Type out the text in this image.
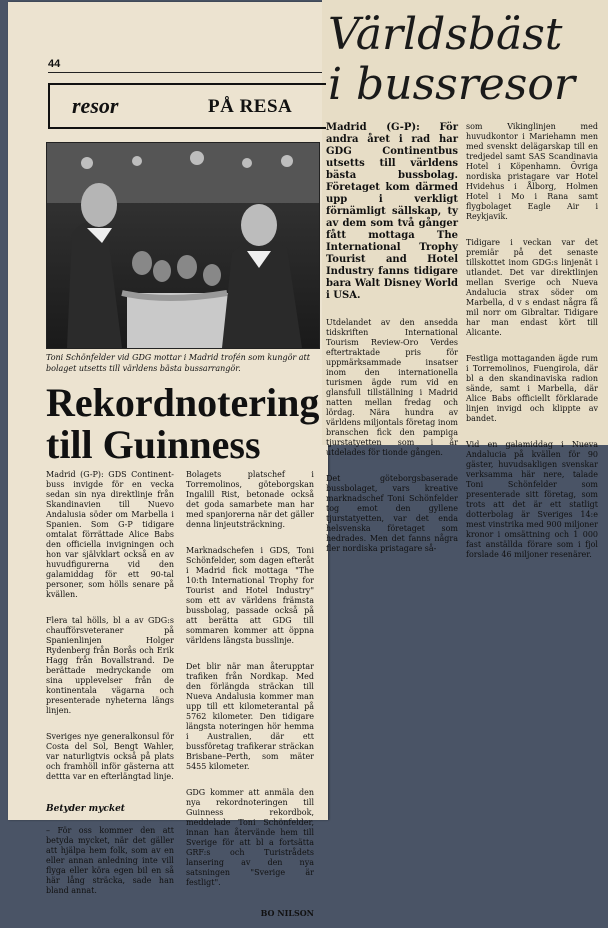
44
resor	PÅ RESA
Världsbäst
i bussresor
Toni Schönfelder vid GDG mottar i Madrid trofén som kungör att bolaget utsetts till världens bästa bussarrangör.
Rekordnotering till Guinness

Madrid (G-P): GDS Continent-buss invigde för en vecka sedan sin nya direktlinje från Skandinavien till Nuevo Andalusia söder om Marbella i Spanien. Som G-P tidigare omtalat förrättade Alice Babs den officiella invigningen och hon var självklart också en av huvudfigurerna vid den galamiddag för ett 90-tal personer, som hölls senare på kvällen.

Flera tal hölls, bl a av GDG:s chaufförsveteraner på Spanienlinjen Holger Rydenberg från Borås och Erik Hagg från Bovallstrand. De berättade medryckande om sina upplevelser från de kontinentala vägarna och presenterade nyheterna längs linjen.

Sveriges nye generalkonsul för Costa del Sol, Bengt Wahler, var naturligtvis också på plats och framhöll inför gästerna att dettta var en efterlängtad linje.

Betyder mycket

– För oss kommer den att betyda mycket, när det gäller att hjälpa hem folk, som av en eller annan anledning inte vill flyga eller köra egen bil en så här lång sträcka, sade han bland annat.

Bolagets platschef i Torremolinos, göteborgskan Ingalill Rist, betonade också det goda samarbete man har med spanjorerna när det gäller denna linjeutsträckning.

Marknadschefen i GDS, Toni Schönfelder, som dagen efteråt i Madrid fick mottaga "The 10:th International Trophy for Tourist and Hotel Industry" som ett av världens främsta bussbolag, passade också på att berätta att GDG till sommaren kommer att öppna världens längsta busslinje.

Det blir när man återupptar trafiken från Nordkap. Med den förlängda sträckan till Nueva Andalusia kommer man upp till ett kilometerantal på 5762 kilometer. Den tidigare längsta noteringen hör hemma i Australien, där ett bussföretag trafikerar sträckan Brisbane–Perth, som mäter 5455 kilometer.

GDG kommer att anmäla den nya rekordnoteringen till Guinness rekordbok, meddelade Toni Schönfelder, innan han återvände hem till Sverige för att bl a fortsätta GRF:s och Turistrådets lansering av den nya satsningen "Sverige är festligt".

BO NILSON

Madrid (G-P): För andra året i rad har GDG Continentbus utsetts till världens bästa bussbolag. Företaget kom därmed upp i verkligt förnämligt sällskap, ty av dem som två gånger fått mottaga The International Trophy Tourist and Hotel Industry fanns tidigare bara Walt Disney World i USA.

Utdelandet av den ansedda tidskriften International Tourism Review-Oro Verdes eftertraktade pris för uppmärksammade insatser inom den internationella turismen ägde rum vid en glansfull tillställning i Madrid natten mellan fredag och lördag. Nära hundra av världens miljontals företag inom branschen fick den pampiga tjurstatyetten som i år utdelades för tionde gången.

Det göteborgsbaserade bussbolaget, vars kreative marknadschef Toni Schönfelder tog emot den gyllene tjurstatyetten, var det enda helsvenska företaget som hedrades. Men det fanns några fler nordiska pristagare så-

som Vikinglinjen med huvudkontor i Mariehamn men med svenskt delägarskap till en tredjedel samt SAS Scandinavia Hotel i Köpenhamn. Övriga nordiska pristagare var Hotel Hvidehus i Ålborg, Holmen Hotel i Mo i Rana samt flygbolaget Eagle Air i Reykjavik.

Tidigare i veckan var det premiär på det senaste tillskottet inom GDG:s linjenät i utlandet. Det var direktlinjen mellan Sverige och Nueva Andalucia strax söder om Marbella, d v s endast några få mil norr om Gibraltar. Tidigare har man endast kört till Alicante.

Festliga mottaganden ägde rum i Torremolinos, Fuengirola, där bl a den skandinaviska radion sände, samt i Marbella, där Alice Babs officiellt förklarade linjen invigd och klippte av bandet.

Vid en galamiddag i Nueva Andalucia på kvällen för 90 gäster, huvudsakligen svenskar verksamma här nere, talade Toni Schönfelder som presenterade sitt företag, som trots att det är ett statligt dotterbolag är Sveriges 14:e mest vinstrika med 900 miljoner kronor i omsättning och 1 000 fast anställda förare som i fjol forslade 46 miljoner resenärer.
